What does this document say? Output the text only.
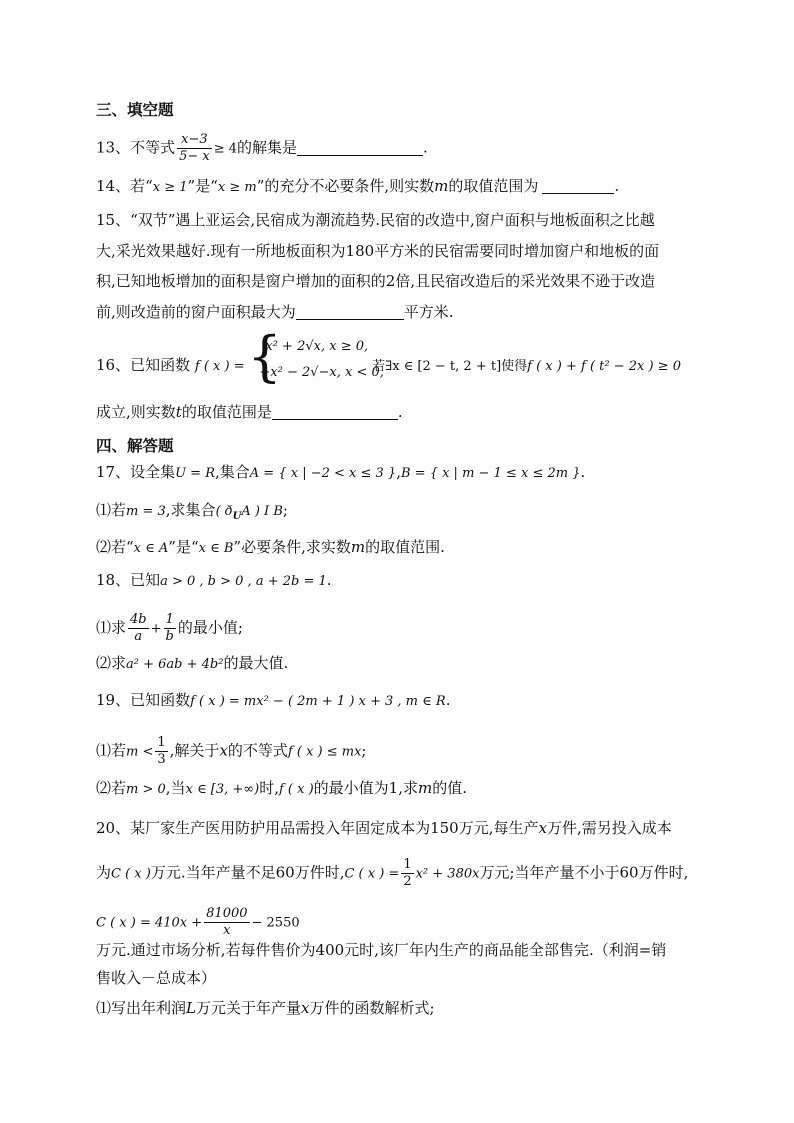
三、填空题
13、不等式 $\frac{x-3}{5- x} \ge 4$的解集是	.
14、若“x ≥ 1”是“x ≥ m”的充分不必要条件,则实数m的取值范围为	.
15、“双节”遇上亚运会,民宿成为潮流趋势.民宿的改造中,窗户面积与地板面积之比越
大,采光效果越好.现有一所地板面积为180平方米的民宿需要同时增加窗户和地板的面
积,已知地板增加的面积是窗户增加的面积的2倍,且民宿改造后的采光效果不逊于改造
前,则改造前的窗户面积最大为	平方米.
16、已知函数 f ( x ) = {
x² + 2√x, x ≥ 0,
−x² − 2√−x, x < 0,
若∃x ∈ [2 − t, 2 + t]使得f ( x ) + f ( t² − 2x ) ≥ 0
成立,则实数t的取值范围是	.
四、解答题
17、设全集U = R,集合A = { x | −2 < x ≤ 3 },B = { x | m − 1 ≤ x ≤ 2m }.
⑴若m = 3,求集合( $ð_UA$ ) I B;
⑵若“x ∈ A”是“x ∈ B”必要条件,求实数m的取值范围.
18、已知a > 0 , b > 0 , a + 2b = 1.
⑴求 $\frac{4b}{a} + \frac{1}{b}$ 的最小值;
⑵求a² + 6ab + 4b²的最大值.
19、已知函数f ( x ) = mx² − ( 2m + 1 ) x + 3 , m ∈ R.
⑴若$m < \frac{1}{3}$ ,解关于x的不等式f ( x ) ≤ mx;
⑵若m > 0,当x ∈ [3, +∞)时,f ( x )的最小值为1,求m的值.
20、某厂家生产医用防护用品需投入年固定成本为150万元,每生产x万件,需另投入成本
为C ( x )万元.当年产量不足60万件时,C ( x ) = $\frac{1}{2} x^2 + 380x$万元;当年产量不小于60万件时,
C ( x ) = $410x + \frac{81000}{x} - 2550$
万元.通过市场分析,若每件售价为400元时,该厂年内生产的商品能全部售完.（利润=销
售收入－总成本）
⑴写出年利润L万元关于年产量x万件的函数解析式;
